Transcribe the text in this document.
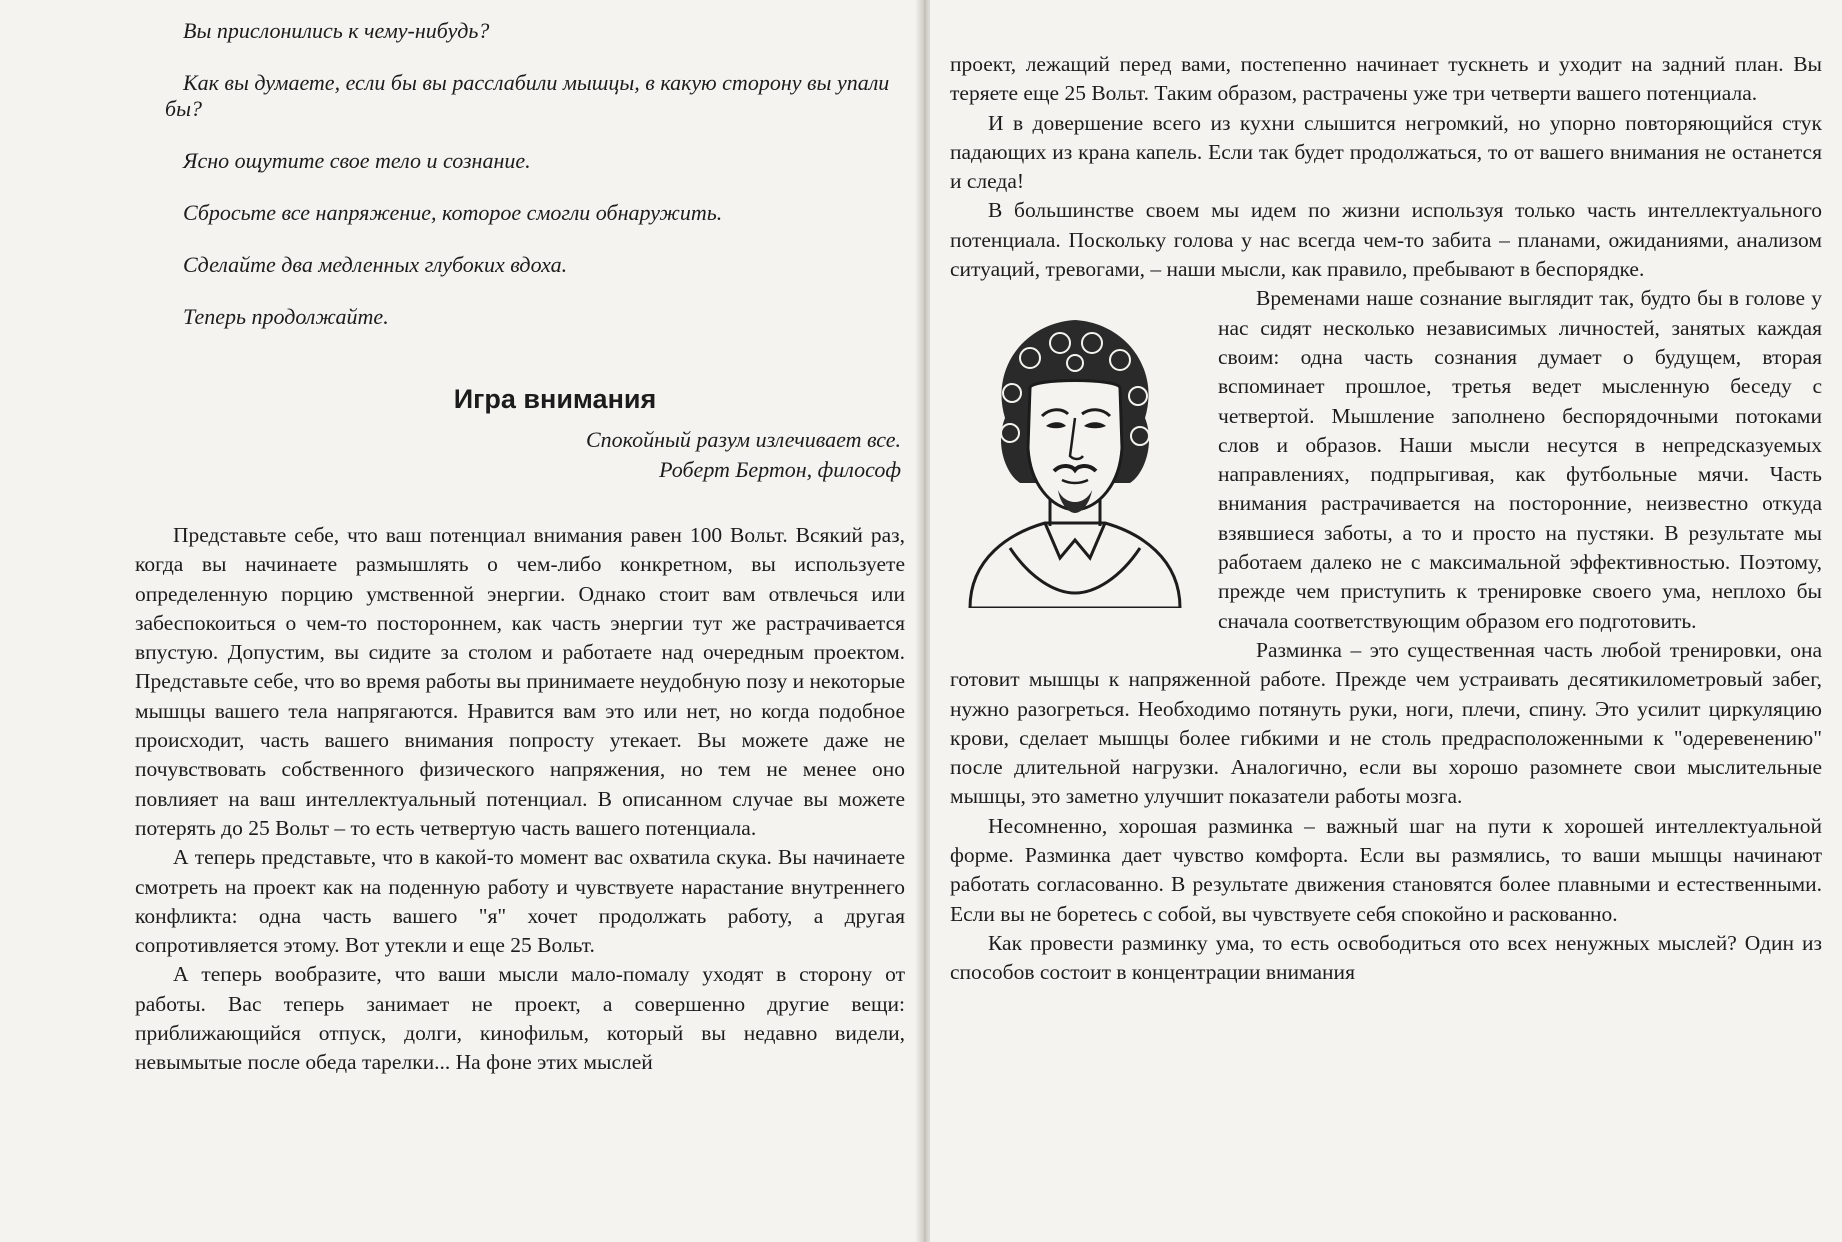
Вы прислонились к чему-нибудь?
Как вы думаете, если бы вы расслабили мышцы, в какую сторону вы упали бы?
Ясно ощутите свое тело и сознание.
Сбросьте все напряжение, которое смогли обнаружить.
Сделайте два медленных глубоких вдоха.
Теперь продолжайте.
Игра внимания
Спокойный разум излечивает все.
Роберт Бертон, философ

Представьте себе, что ваш потенциал внимания равен 100 Вольт. Всякий раз, когда вы начинаете размышлять о чем-либо конкретном, вы используете определенную порцию умственной энергии. Однако стоит вам отвлечься или забеспокоиться о чем-то постороннем, как часть энергии тут же растрачивается впустую. Допустим, вы сидите за столом и работаете над очередным проектом. Представьте себе, что во время работы вы принимаете неудобную позу и некоторые мышцы вашего тела напрягаются. Нравится вам это или нет, но когда подобное происходит, часть вашего внимания попросту утекает. Вы можете даже не почувствовать собственного физического напряжения, но тем не менее оно повлияет на ваш интеллектуальный потенциал. В описанном случае вы можете потерять до 25 Вольт – то есть четвертую часть вашего потенциала.

А теперь представьте, что в какой-то момент вас охватила скука. Вы начинаете смотреть на проект как на поденную работу и чувствуете нарастание внутреннего конфликта: одна часть вашего "я" хочет продолжать работу, а другая сопротивляется этому. Вот утекли и еще 25 Вольт.

А теперь вообразите, что ваши мысли мало-помалу уходят в сторону от работы. Вас теперь занимает не проект, а совершенно другие вещи: приближающийся отпуск, долги, кинофильм, который вы недавно видели, невымытые после обеда тарелки... На фоне этих мыслей

проект, лежащий перед вами, постепенно начинает тускнеть и уходит на задний план. Вы теряете еще 25 Вольт. Таким образом, растрачены уже три четверти вашего потенциала.

И в довершение всего из кухни слышится негромкий, но упорно повторяющийся стук падающих из крана капель. Если так будет продолжаться, то от вашего внимания не останется и следа!

В большинстве своем мы идем по жизни используя только часть интеллектуального потенциала. Поскольку голова у нас всегда чем-то забита – планами, ожиданиями, анализом ситуаций, тревогами, – наши мысли, как правило, пребывают в беспорядке.

Временами наше сознание выглядит так, будто бы в голове у нас сидят несколько независимых личностей, занятых каждая своим: одна часть сознания думает о будущем, вторая вспоминает прошлое, третья ведет мысленную беседу с четвертой. Мышление заполнено беспорядочными потоками слов и образов. Наши мысли несутся в непредсказуемых направлениях, подпрыгивая, как футбольные мячи. Часть внимания растрачивается на посторонние, неизвестно откуда взявшиеся заботы, а то и просто на пустяки. В результате мы работаем далеко не с максимальной эффективностью. Поэтому, прежде чем приступить к тренировке своего ума, неплохо бы сначала соответствующим образом его подготовить.

Разминка – это существенная часть любой тренировки, она готовит мышцы к напряженной работе. Прежде чем устраивать десятикилометровый забег, нужно разогреться. Необходимо потянуть руки, ноги, плечи, спину. Это усилит циркуляцию крови, сделает мышцы более гибкими и не столь предрасположенными к "одеревенению" после длительной нагрузки. Аналогично, если вы хорошо разомнете свои мыслительные мышцы, это заметно улучшит показатели работы мозга.

Несомненно, хорошая разминка – важный шаг на пути к хорошей интеллектуальной форме. Разминка дает чувство комфорта. Если вы размялись, то ваши мышцы начинают работать согласованно. В результате движения становятся более плавными и естественными. Если вы не боретесь с собой, вы чувствуете себя спокойно и раскованно.

Как провести разминку ума, то есть освободиться ото всех ненужных мыслей? Один из способов состоит в концентрации внимания
